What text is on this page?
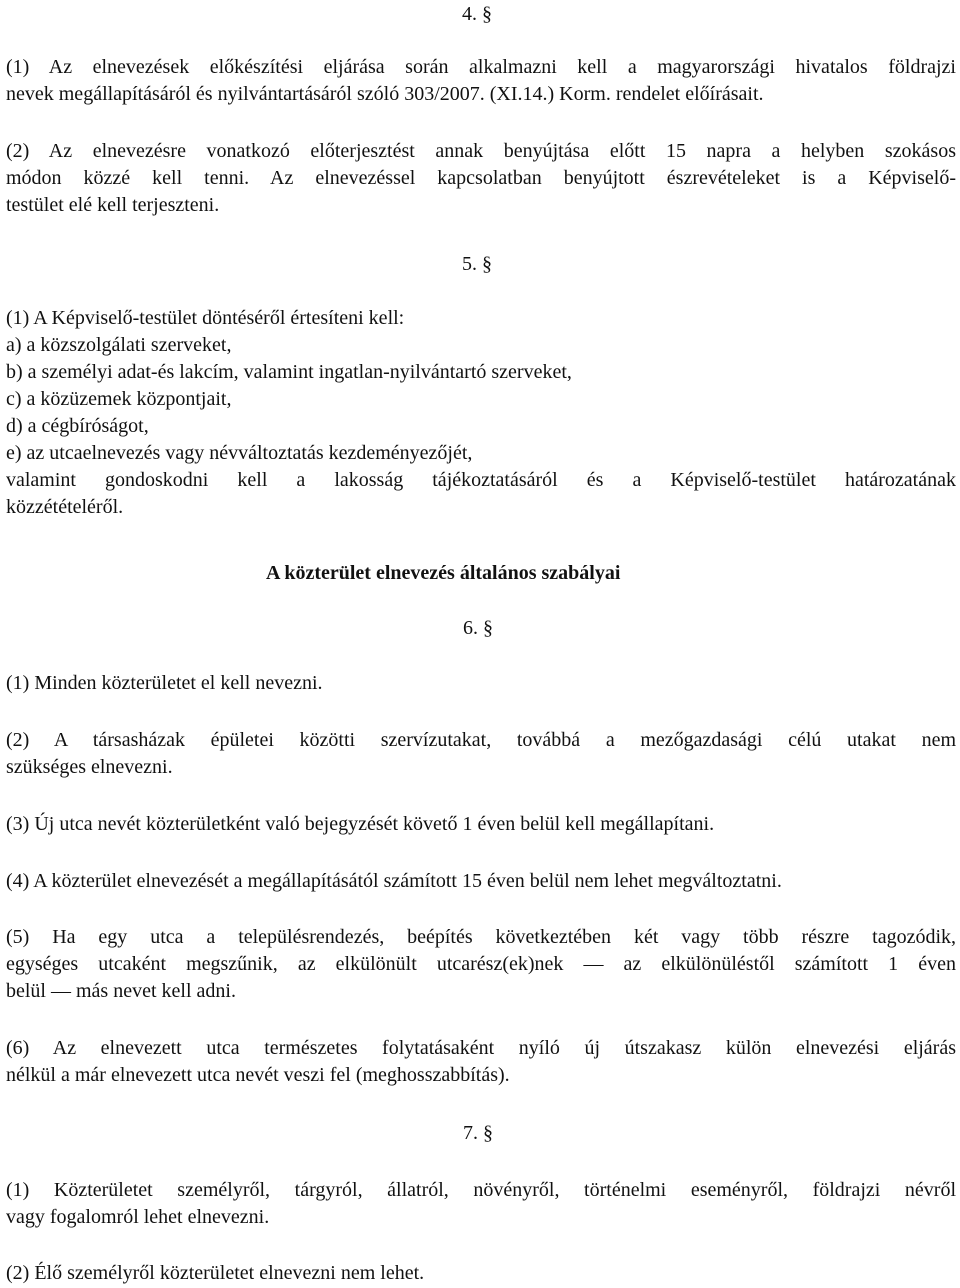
4. §
(1) Az elnevezések előkészítési eljárása során alkalmazni kell a magyarországi hivatalos földrajzi
nevek megállapításáról és nyilvántartásáról szóló 303/2007. (XI.14.) Korm. rendelet előírásait.
(2) Az elnevezésre vonatkozó előterjesztést annak benyújtása előtt 15 napra a helyben szokásos
módon közzé kell tenni. Az elnevezéssel kapcsolatban benyújtott észrevételeket is a Képviselő-
testület elé kell terjeszteni.
5. §
(1) A Képviselő-testület döntéséről értesíteni kell:
a) a közszolgálati szerveket,
b) a személyi adat-és lakcím, valamint ingatlan-nyilvántartó szerveket,
c) a közüzemek központjait,
d) a cégbíróságot,
e) az utcaelnevezés vagy névváltoztatás kezdeményezőjét,
valamint gondoskodni kell a lakosság tájékoztatásáról és a Képviselő-testület határozatának
közzétételéről.
A közterület elnevezés általános szabályai
6. §
(1) Minden közterületet el kell nevezni.
(2) A társasházak épületei közötti szervízutakat, továbbá a mezőgazdasági célú utakat nem
szükséges elnevezni.
(3) Új utca nevét közterületként való bejegyzését követő 1 éven belül kell megállapítani.
(4) A közterület elnevezését a megállapításától számított 15 éven belül nem lehet megváltoztatni.
(5) Ha egy utca a településrendezés, beépítés következtében két vagy több részre tagozódik,
egységes utcaként megszűnik, az elkülönült utcarész(ek)nek ― az elkülönüléstől számított 1 éven
belül ― más nevet kell adni.
(6) Az elnevezett utca természetes folytatásaként nyíló új útszakasz külön elnevezési eljárás
nélkül a már elnevezett utca nevét veszi fel (meghosszabbítás).
7. §
(1) Közterületet személyről, tárgyról, állatról, növényről, történelmi eseményről, földrajzi névről
vagy fogalomról lehet elnevezni.
(2) Élő személyről közterületet elnevezni nem lehet.
